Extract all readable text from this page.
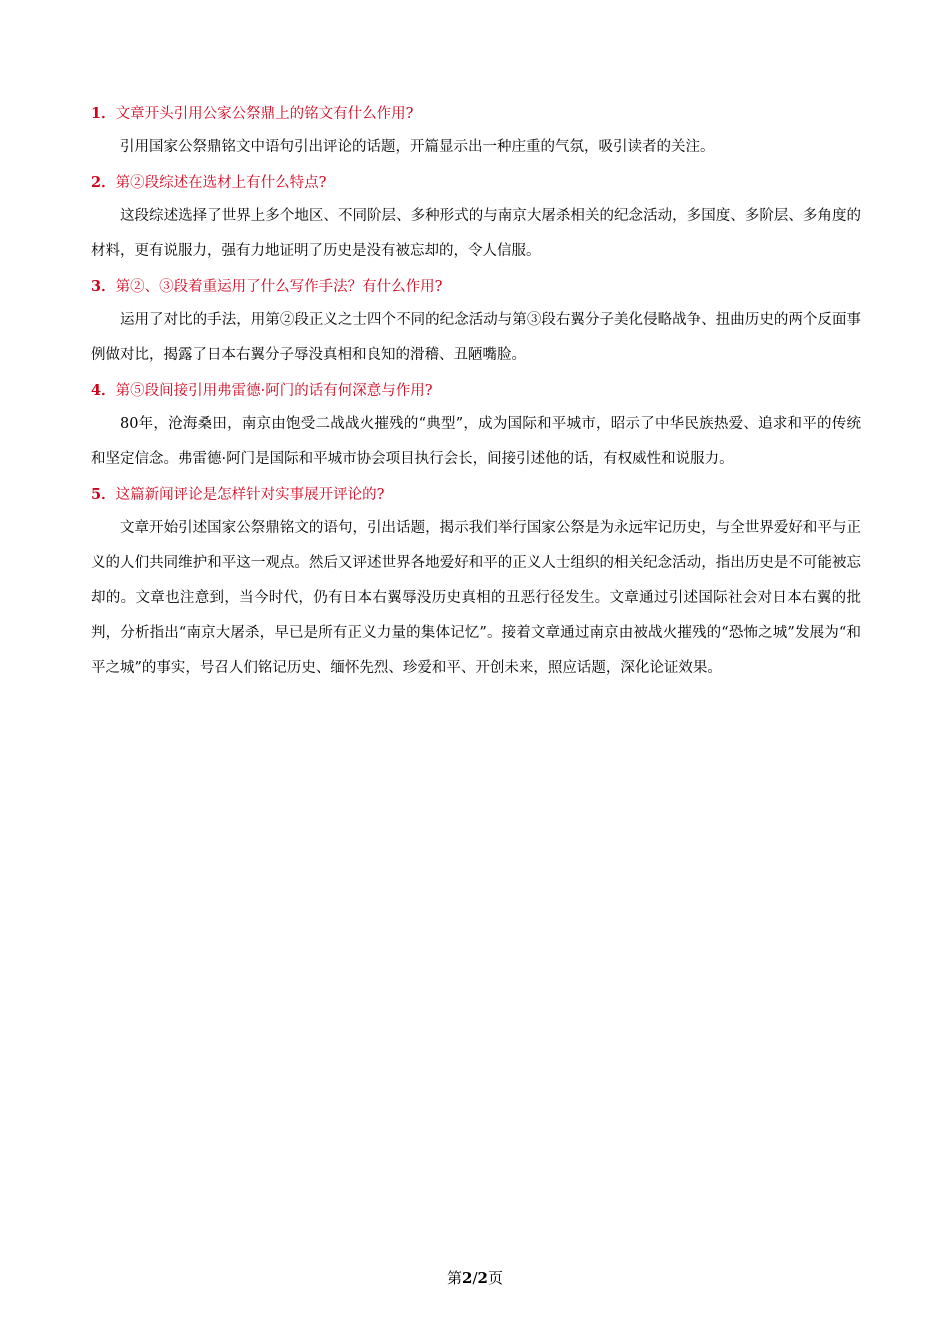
1．文章开头引用公家公祭鼎上的铭文有什么作用?

引用国家公祭鼎铭文中语句引出评论的话题，开篇显示出一种庄重的气氛，吸引读者的关注。

2．第②段综述在选材上有什么特点?

这段综述选择了世界上多个地区、不同阶层、多种形式的与南京大屠杀相关的纪念活动，多国度、多阶层、多角度的材料，更有说服力，强有力地证明了历史是没有被忘却的，令人信服。

3．第②、③段着重运用了什么写作手法？有什么作用?

运用了对比的手法，用第②段正义之士四个不同的纪念活动与第③段右翼分子美化侵略战争、扭曲历史的两个反面事例做对比，揭露了日本右翼分子辱没真相和良知的滑稽、丑陋嘴脸。

4．第⑤段间接引用弗雷德·阿门的话有何深意与作用?

80年，沧海桑田，南京由饱受二战战火摧残的“典型”，成为国际和平城市，昭示了中华民族热爱、追求和平的传统和坚定信念。弗雷德·阿门是国际和平城市协会项目执行会长，间接引述他的话，有权威性和说服力。

5．这篇新闻评论是怎样针对实事展开评论的?

文章开始引述国家公祭鼎铭文的语句，引出话题，揭示我们举行国家公祭是为永远牢记历史，与全世界爱好和平与正义的人们共同维护和平这一观点。然后又评述世界各地爱好和平的正义人士组织的相关纪念活动，指出历史是不可能被忘却的。文章也注意到，当今时代，仍有日本右翼辱没历史真相的丑恶行径发生。文章通过引述国际社会对日本右翼的批判，分析指出“南京大屠杀，早已是所有正义力量的集体记忆”。接着文章通过南京由被战火摧残的“恐怖之城”发展为“和平之城”的事实，号召人们铭记历史、缅怀先烈、珍爱和平、开创未来，照应话题，深化论证效果。

第2/2页
